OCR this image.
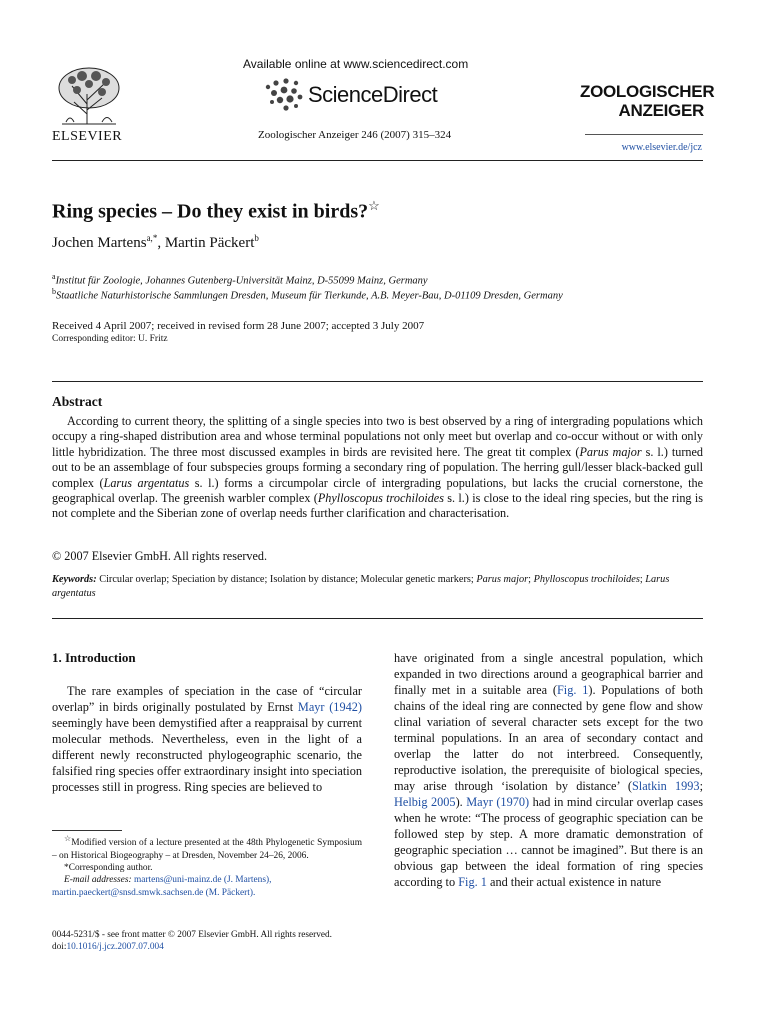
ELSEVIER
Available online at www.sciencedirect.com
ScienceDirect
Zoologischer Anzeiger 246 (2007) 315–324
ZOOLOGISCHER
ANZEIGER
www.elsevier.de/jcz
Ring species – Do they exist in birds?☆
Jochen Martens$^{a,*}$, Martin Päckert$^b$
$^a$Institut für Zoologie, Johannes Gutenberg-Universität Mainz, D-55099 Mainz, Germany
$^b$Staatliche Naturhistorische Sammlungen Dresden, Museum für Tierkunde, A.B. Meyer-Bau, D-01109 Dresden, Germany
Received 4 April 2007; received in revised form 28 June 2007; accepted 3 July 2007
Corresponding editor: U. Fritz
Abstract
According to current theory, the splitting of a single species into two is best observed by a ring of intergrading populations which occupy a ring-shaped distribution area and whose terminal populations not only meet but overlap and co-occur without or with only little hybridization. The three most discussed examples in birds are revisited here. The great tit complex (Parus major s. l.) turned out to be an assemblage of four subspecies groups forming a secondary ring of population. The herring gull/lesser black-backed gull complex (Larus argentatus s. l.) forms a circumpolar circle of intergrading populations, but lacks the crucial cornerstone, the geographical overlap. The greenish warbler complex (Phylloscopus trochiloides s. l.) is close to the ideal ring species, but the ring is not complete and the Siberian zone of overlap needs further clarification and characterisation.
© 2007 Elsevier GmbH. All rights reserved.
Keywords: Circular overlap; Speciation by distance; Isolation by distance; Molecular genetic markers; Parus major; Phylloscopus trochiloides; Larus argentatus
1. Introduction

The rare examples of speciation in the case of “circular overlap” in birds originally postulated by Ernst Mayr (1942) seemingly have been demystified after a reappraisal by current molecular methods. Nevertheless, even in the light of a different newly reconstructed phylogeographic scenario, the falsified ring species offer extraordinary insight into speciation processes still in progress. Ring species are believed to

have originated from a single ancestral population, which expanded in two directions around a geographical barrier and finally met in a suitable area (Fig. 1). Populations of both chains of the ideal ring are connected by gene flow and show clinal variation of several character sets except for the two terminal populations. In an area of secondary contact and overlap the latter do not interbreed. Consequently, reproductive isolation, the prerequisite of biological species, may arise through ‘isolation by distance’ (Slatkin 1993; Helbig 2005). Mayr (1970) had in mind circular overlap cases when he wrote: “The process of geographic speciation can be followed step by step. A more dramatic demonstration of geographic speciation … cannot be imagined”. But there is an obvious gap between the ideal formation of ring species according to Fig. 1 and their actual existence in nature

☆Modified version of a lecture presented at the 48th Phylogenetic Symposium – on Historical Biogeography – at Dresden, November 24–26, 2006.

*Corresponding author.

E-mail addresses: martens@uni-mainz.de (J. Martens),

martin.paeckert@snsd.smwk.sachsen.de (M. Päckert).

0044-5231/$ - see front matter © 2007 Elsevier GmbH. All rights reserved.
doi:10.1016/j.jcz.2007.07.004
